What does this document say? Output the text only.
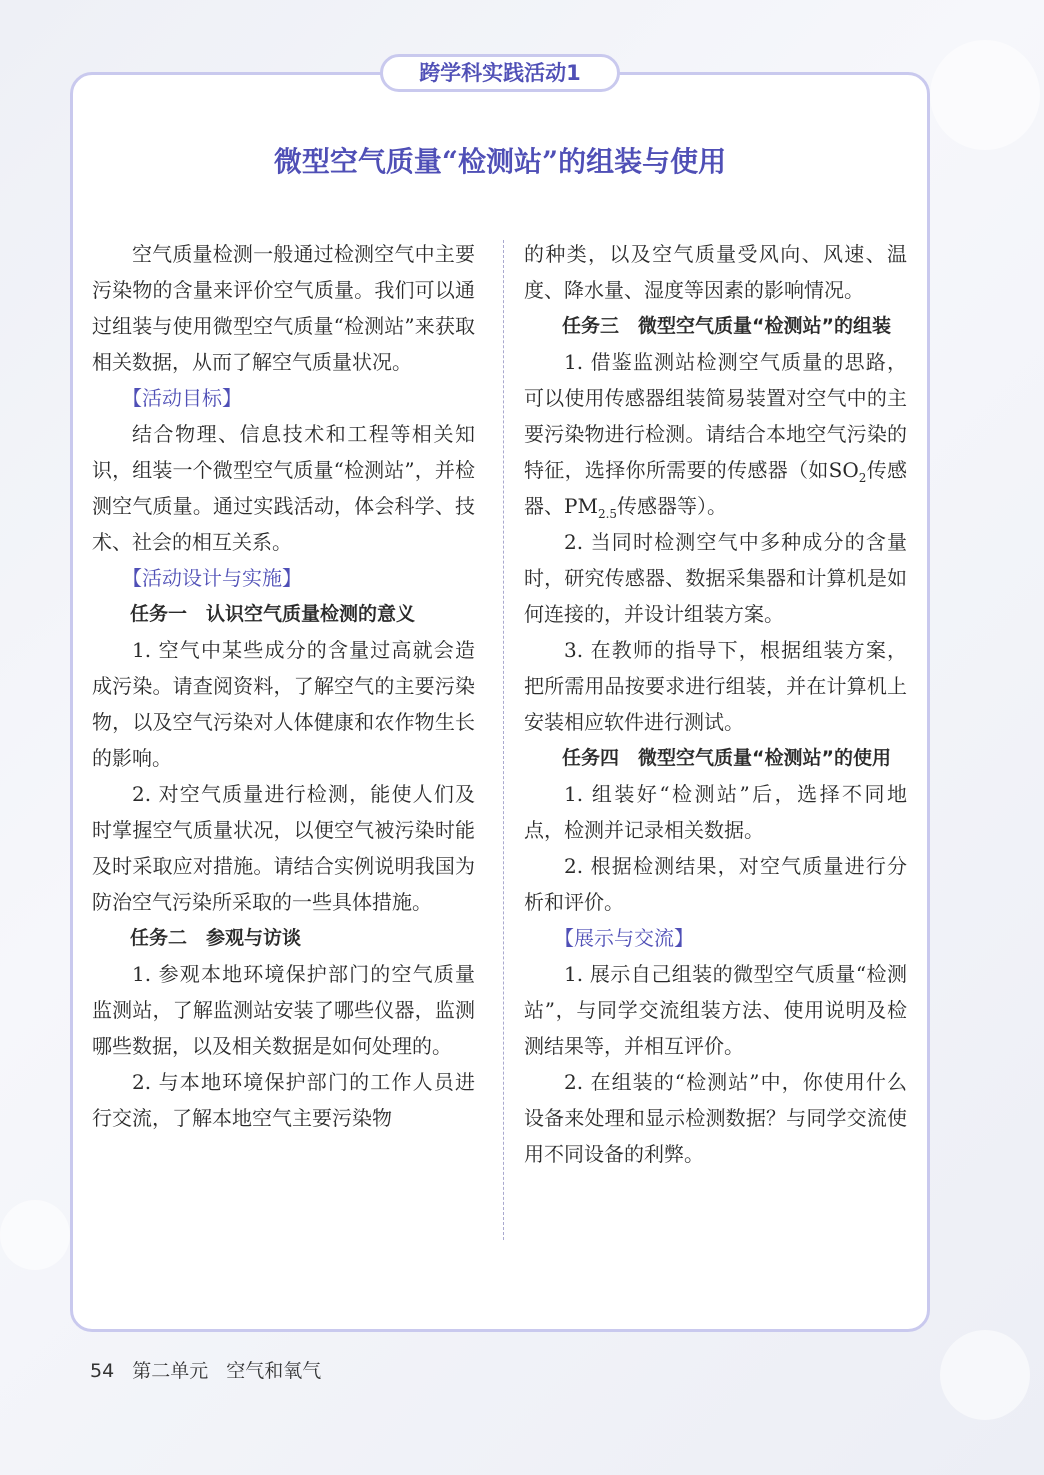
跨学科实践活动1
微型空气质量“检测站”的组装与使用

空气质量检测一般通过检测空气中主要污染物的含量来评价空气质量。我们可以通过组装与使用微型空气质量“检测站”来获取相关数据，从而了解空气质量状况。

【活动目标】

结合物理、信息技术和工程等相关知识，组装一个微型空气质量“检测站”，并检测空气质量。通过实践活动，体会科学、技术、社会的相互关系。

【活动设计与实施】

任务一　认识空气质量检测的意义

1. 空气中某些成分的含量过高就会造成污染。请查阅资料，了解空气的主要污染物，以及空气污染对人体健康和农作物生长的影响。

2. 对空气质量进行检测，能使人们及时掌握空气质量状况，以便空气被污染时能及时采取应对措施。请结合实例说明我国为防治空气污染所采取的一些具体措施。

任务二　参观与访谈

1. 参观本地环境保护部门的空气质量监测站，了解监测站安装了哪些仪器，监测哪些数据，以及相关数据是如何处理的。

2. 与本地环境保护部门的工作人员进行交流，了解本地空气主要污染物

的种类，以及空气质量受风向、风速、温度、降水量、湿度等因素的影响情况。

任务三　微型空气质量“检测站”的组装

1. 借鉴监测站检测空气质量的思路，可以使用传感器组装简易装置对空气中的主要污染物进行检测。请结合本地空气污染的特征，选择你所需要的传感器（如$SO_2$传感器、$PM_{2.5}$传感器等）。

2. 当同时检测空气中多种成分的含量时，研究传感器、数据采集器和计算机是如何连接的，并设计组装方案。

3. 在教师的指导下，根据组装方案，把所需用品按要求进行组装，并在计算机上安装相应软件进行测试。

任务四　微型空气质量“检测站”的使用

1. 组装好“检测站”后，选择不同地点，检测并记录相关数据。

2. 根据检测结果，对空气质量进行分析和评价。

【展示与交流】

1. 展示自己组装的微型空气质量“检测站”，与同学交流组装方法、使用说明及检测结果等，并相互评价。

2. 在组装的“检测站”中，你使用什么设备来处理和显示检测数据？与同学交流使用不同设备的利弊。

54 第二单元 空气和氧气
